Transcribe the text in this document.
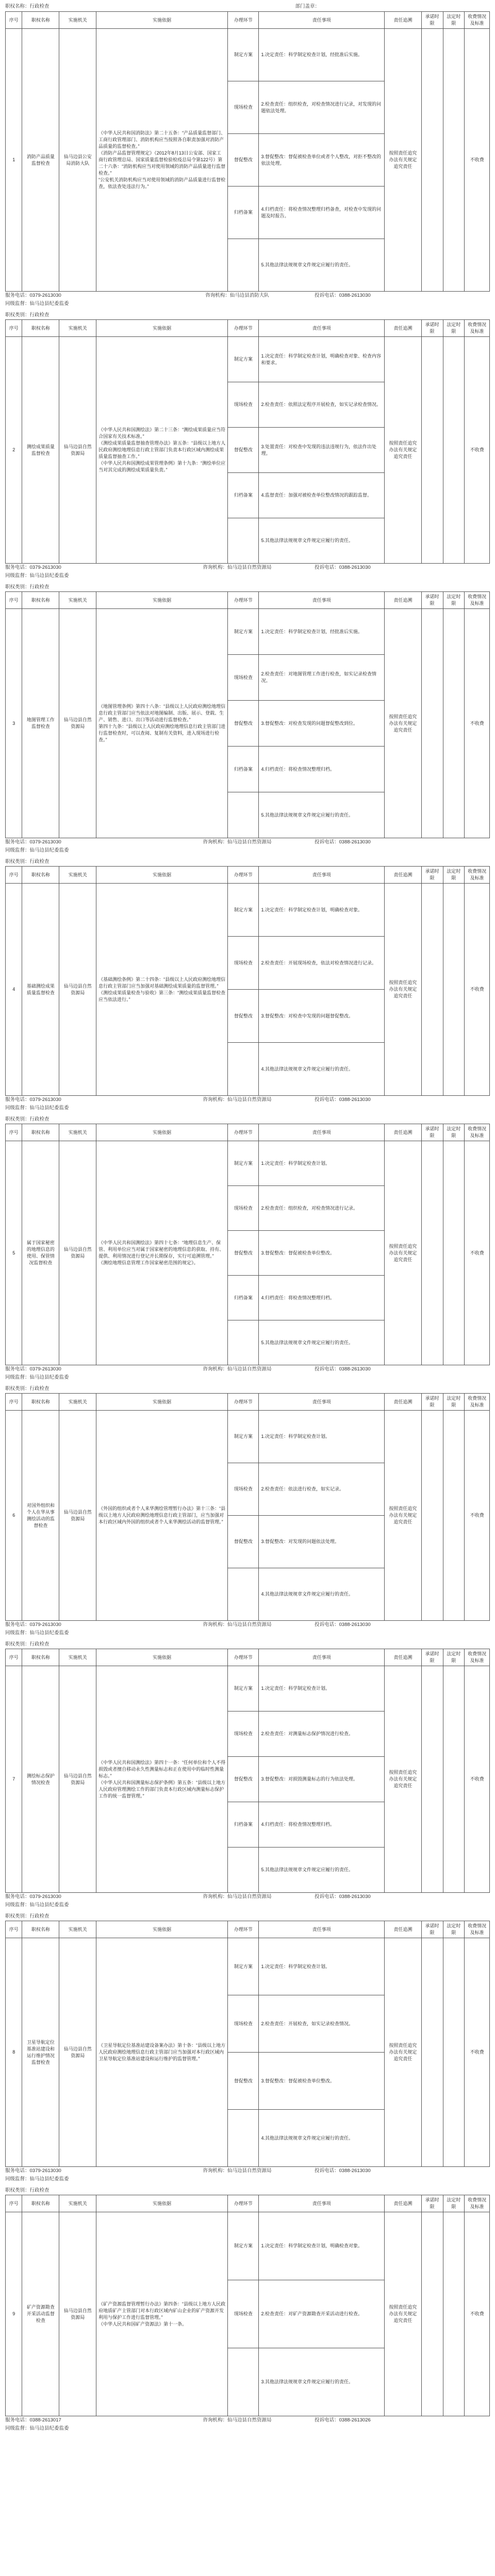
职权名称：行政检查	部门盖章：
序号	职权名称	实施机关	实施依据	办理环节	责任事项	责任追溯	承诺时限	法定时限	收费情况及标准
1	消防产品质量监督检查	仙马边县公安局消防大队	《中华人民共和国消防法》第二十五条：“产品质量监督部门、工商行政管理部门、消防机构应当按照各自职责加强对消防产品质量的监督检查。”
《消防产品监督管理规定》（2012年8月13日公安部、国家工商行政管理总局、国家质量监督检验检疫总局令第122号）第二十六条：“消防机构应当对使用领域的消防产品质量进行监督检查。”
“公安机关消防机构应当对使用领域的消防产品质量进行监督检查，依法查处违法行为。”	制定方案	1.决定责任：科学制定检查计划，经批准后实施。	按照责任追究办法有关规定追究责任			不收费
				现场检查	2.检查责任：组织检查，对检查情况进行记录，对发现的问题依法处理。				
				督促整改	3.督促整改：督促被检查单位或者个人整改，对拒不整改的依法处理。				
				归档备案	4.归档责任：将检查情况整理归档备查，对检查中发现的问题及时报告。				
					5.其他法律法规规章文件规定应履行的责任。				
服务电话：0379-2613030	咨询机构：仙马边县消防大队	投诉电话：0388-2613030
同级监督：仙马边县纪委监委
职权类别：行政检查
序号	职权名称	实施机关	实施依据	办理环节	责任事项	责任追溯	承诺时限	法定时限	收费情况及标准
2	测绘成果质量监督检查	仙马边县自然资源局	《中华人民共和国测绘法》第二十三条：“测绘成果质量应当符合国家有关技术标准。”
《测绘成果质量监督抽查管理办法》第五条：“县级以上地方人民政府测绘地理信息行政主管部门负责本行政区域内测绘成果质量监督抽查工作。”
《中华人民共和国测绘成果管理条例》第十九条：“测绘单位应当对其完成的测绘成果质量负责。”	制定方案	1.决定责任：科学制定检查计划，明确检查对象、检查内容和要求。	按照责任追究办法有关规定追究责任			不收费
				现场检查	2.检查责任：依照法定程序开展检查，如实记录检查情况。				
				督促整改	3.处置责任：对检查中发现的违法违规行为，依法作出处理。				
				归档备案	4.监督责任：加强对被检查单位整改情况的跟踪监督。				
					5.其他法律法规规章文件规定应履行的责任。				
服务电话：0379-2613030	咨询机构：仙马边县自然资源局	投诉电话：0388-2613030
同级监督：仙马边县纪委监委
职权类别：行政检查
序号	职权名称	实施机关	实施依据	办理环节	责任事项	责任追溯	承诺时限	法定时限	收费情况及标准
3	地图管理工作监督检查	仙马边县自然资源局	《地图管理条例》第四十八条：“县级以上人民政府测绘地理信息行政主管部门应当依法对地图编制、出版、展示、登载、生产、销售、进口、出口等活动进行监督检查。”
第四十九条：“县级以上人民政府测绘地理信息行政主管部门进行监督检查时，可以查阅、复制有关资料，进入现场进行检查。”	制定方案	1.决定责任：科学制定检查计划，经批准后实施。	按照责任追究办法有关规定追究责任			不收费
				现场检查	2.检查责任：对地图管理工作进行检查，如实记录检查情况。				
				督促整改	3.督促整改：对检查发现的问题督促整改到位。				
				归档备案	4.归档责任：将检查情况整理归档。				
					5.其他法律法规规章文件规定应履行的责任。				
服务电话：0379-2613030	咨询机构：仙马边县自然资源局	投诉电话：0388-2613030
同级监督：仙马边县纪委监委
职权类别：行政检查
序号	职权名称	实施机关	实施依据	办理环节	责任事项	责任追溯	承诺时限	法定时限	收费情况及标准
4	基础测绘成果质量监督检查	仙马边县自然资源局	《基础测绘条例》第二十四条：“县级以上人民政府测绘地理信息行政主管部门应当加强对基础测绘成果质量的监督管理。”
《测绘成果质量检查与验收》第三条：“测绘成果质量监督检查应当依法进行。”	制定方案	1.决定责任：科学制定检查计划，明确检查对象。	按照责任追究办法有关规定追究责任			不收费
				现场检查	2.检查责任：开展现场检查，依法对检查情况进行记录。				
				督促整改	3.督促整改：对检查中发现的问题督促整改。				
					4.其他法律法规规章文件规定应履行的责任。				
服务电话：0379-2613030	咨询机构：仙马边县自然资源局	投诉电话：0388-2613030
同级监督：仙马边县纪委监委
职权类别：行政检查
序号	职权名称	实施机关	实施依据	办理环节	责任事项	责任追溯	承诺时限	法定时限	收费情况及标准
5	属于国家秘密的地理信息的使用、保管情况监督检查	仙马边县自然资源局	《中华人民共和国测绘法》第四十七条：“地理信息生产、保管、利用单位应当对属于国家秘密的地理信息的获取、持有、提供、利用情况进行登记并长期保存，实行可追溯管理。”
《测绘地理信息管理工作国家秘密范围的规定》。	制定方案	1.决定责任：科学制定检查计划。	按照责任追究办法有关规定追究责任			不收费
				现场检查	2.检查责任：组织检查，对检查情况进行记录。				
				督促整改	3.督促整改：督促被检查单位整改。				
				归档备案	4.归档责任：将检查情况整理归档。				
					5.其他法律法规规章文件规定应履行的责任。				
服务电话：0379-2613030	咨询机构：仙马边县自然资源局	投诉电话：0388-2613030
同级监督：仙马边县纪委监委
职权类别：行政检查
序号	职权名称	实施机关	实施依据	办理环节	责任事项	责任追溯	承诺时限	法定时限	收费情况及标准
6	对国外组织和个人在华从事测绘活动的监督检查	仙马边县自然资源局	《外国的组织或者个人来华测绘管理暂行办法》第十三条：“县级以上地方人民政府测绘地理信息行政主管部门，应当加强对本行政区域内外国的组织或者个人来华测绘活动的监督管理。”	制定方案	1.决定责任：科学制定检查计划。	按照责任追究办法有关规定追究责任			不收费
				现场检查	2.检查责任：依法进行检查，如实记录。				
				督促整改	3.督促整改：对发现的问题依法处理。				
					4.其他法律法规规章文件规定应履行的责任。				
服务电话：0379-2613030	咨询机构：仙马边县自然资源局	投诉电话：0388-2613030
同级监督：仙马边县纪委监委
职权类别：行政检查
序号	职权名称	实施机关	实施依据	办理环节	责任事项	责任追溯	承诺时限	法定时限	收费情况及标准
7	测绘标志保护情况检查	仙马边县自然资源局	《中华人民共和国测绘法》第四十一条：“任何单位和个人不得损毁或者擅自移动永久性测量标志和正在使用中的临时性测量标志。”
《中华人民共和国测量标志保护条例》第五条：“县级以上地方人民政府管理测绘工作的部门负责本行政区域内测量标志保护工作的统一监督管理。”	制定方案	1.决定责任：科学制定检查计划。	按照责任追究办法有关规定追究责任			不收费
				现场检查	2.检查责任：对测量标志保护情况进行检查。				
				督促整改	3.督促整改：对损毁测量标志的行为依法处理。				
				归档备案	4.归档责任：将检查情况整理归档。				
					5.其他法律法规规章文件规定应履行的责任。				
服务电话：0379-2613030	咨询机构：仙马边县自然资源局	投诉电话：0388-2613030
同级监督：仙马边县纪委监委
职权类别：行政检查
序号	职权名称	实施机关	实施依据	办理环节	责任事项	责任追溯	承诺时限	法定时限	收费情况及标准
8	卫星导航定位基准站建设和运行维护情况监督检查	仙马边县自然资源局	《卫星导航定位基准站建设备案办法》第十条：“县级以上地方人民政府测绘地理信息行政主管部门应当加强对本行政区域内卫星导航定位基准站建设和运行维护的监督管理。”	制定方案	1.决定责任：科学制定检查计划。	按照责任追究办法有关规定追究责任			不收费
				现场检查	2.检查责任：开展检查，如实记录检查情况。				
				督促整改	3.督促整改：督促被检查单位整改。				
					4.其他法律法规规章文件规定应履行的责任。				
服务电话：0379-2613030	咨询机构：仙马边县自然资源局	投诉电话：0388-2613030
同级监督：仙马边县纪委监委
职权类别：行政检查
序号	职权名称	实施机关	实施依据	办理环节	责任事项	责任追溯	承诺时限	法定时限	收费情况及标准
9	矿产资源勘查开采活动监督检查	仙马边县自然资源局	《矿产资源监督管理暂行办法》第四条：“县级以上地方人民政府地质矿产主管部门对本行政区域内矿山企业的矿产资源开发利用与保护工作进行监督管理。”
《中华人民共和国矿产资源法》第十一条。	制定方案	1.决定责任：科学制定检查计划，明确检查对象。	按照责任追究办法有关规定追究责任			不收费
				现场检查	2.检查责任：对矿产资源勘查开采活动进行检查。				
					3.其他法律法规规章文件规定应履行的责任。				
服务电话：0388-2613017	咨询机构：仙马边县自然资源局	投诉电话：0388-2613026
同级监督：仙马边县纪委监委
